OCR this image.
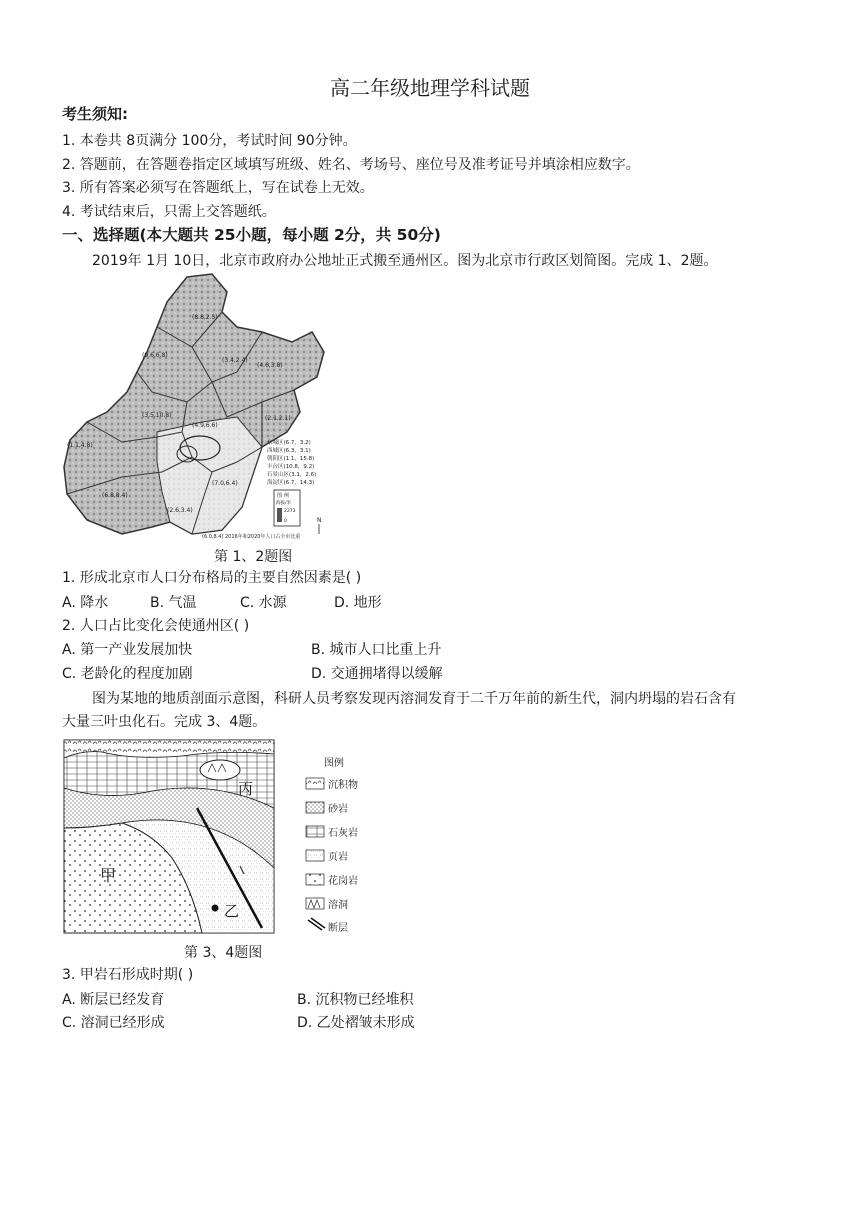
高二年级地理学科试题
考生须知:
1. 本卷共 8页满分 100分，考试时间 90分钟。
2. 答题前，在答题卷指定区域填写班级、姓名、考场号、座位号及准考证号并填涂相应数字。
3. 所有答案必须写在答题纸上，写在试卷上无效。
4. 考试结束后，只需上交答题纸。
一、选择题(本大题共 25小题，每小题 2分，共 50分)
2019年 1月 10日，北京市政府办公地址正式搬至通州区。图为北京市行政区划简图。完成 1、2题。
(8.8,2.5)
(9.6,6.8)
(3.4,2.4)
(4.6,3.8)
(2.1,2.1)
(3.5,10.8)
(1.1,4.8)
(6.8,8.4)
(2.6,3.4)
(4.9,6.6)
(7.0,6.4)
东城区(6.7，3.2)
西城区(6.3，3.1)
朝阳区(1.1，15.8)
丰台区(10.8，9.2)
石景山区(3.1，2.6)
海淀区(6.7，14.3)
图 例
海拔/米
2273
0	N
(6.0,8.4) 2016年和2020年人口占全市比重
第 1、2题图
1. 形成北京市人口分布格局的主要自然因素是( )
A. 降水	B. 气温	C. 水源	D. 地形
2. 人口占比变化会使通州区( )
A. 第一产业发展加快	B. 城市人口比重上升
C. 老龄化的程度加剧	D. 交通拥堵得以缓解
图为某地的地质剖面示意图，科研人员考察发现丙溶洞发育于二千万年前的新生代，洞内坍塌的岩石含有
大量三叶虫化石。完成 3、4题。
甲
乙
丙
图例
沉积物
砂岩
石灰岩
页岩
花岗岩
溶洞
断层
第 3、4题图
3. 甲岩石形成时期( )
A. 断层已经发育	B. 沉积物已经堆积
C. 溶洞已经形成	D. 乙处褶皱未形成
